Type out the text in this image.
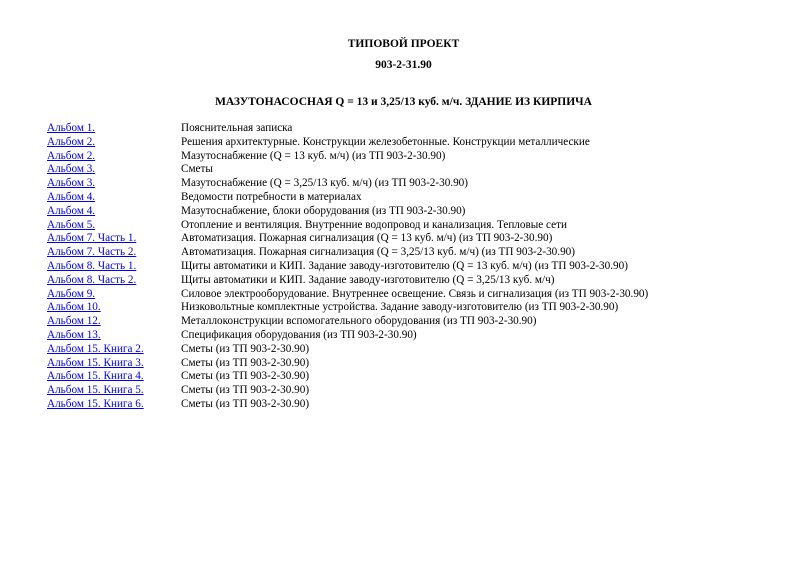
ТИПОВОЙ ПРОЕКТ
903-2-31.90
МАЗУТОНАСОСНАЯ Q = 13 и 3,25/13 куб. м/ч. ЗДАНИЕ ИЗ КИРПИЧА
Альбом 1.	Пояснительная записка
Альбом 2.	Решения архитектурные. Конструкции железобетонные. Конструкции металлические
Альбом 2.	Мазутоснабжение (Q = 13 куб. м/ч) (из ТП 903-2-30.90)
Альбом 3.	Сметы
Альбом 3.	Мазутоснабжение (Q = 3,25/13 куб. м/ч) (из ТП 903-2-30.90)
Альбом 4.	Ведомости потребности в материалах
Альбом 4.	Мазутоснабжение, блоки оборудования (из ТП 903-2-30.90)
Альбом 5.	Отопление и вентиляция. Внутренние водопровод и канализация. Тепловые сети
Альбом 7. Часть 1.	Автоматизация. Пожарная сигнализация (Q = 13 куб. м/ч) (из ТП 903-2-30.90)
Альбом 7. Часть 2.	Автоматизация. Пожарная сигнализация (Q = 3,25/13 куб. м/ч) (из ТП 903-2-30.90)
Альбом 8. Часть 1.	Щиты автоматики и КИП. Задание заводу-изготовителю (Q = 13 куб. м/ч) (из ТП 903-2-30.90)
Альбом 8. Часть 2.	Щиты автоматики и КИП. Задание заводу-изготовителю (Q = 3,25/13 куб. м/ч)
Альбом 9.	Силовое электрооборудование. Внутреннее освещение. Связь и сигнализация (из ТП 903-2-30.90)
Альбом 10.	Низковольтные комплектные устройства. Задание заводу-изготовителю (из ТП 903-2-30.90)
Альбом 12.	Металлоконструкции вспомогательного оборудования (из ТП 903-2-30.90)
Альбом 13.	Спецификация оборудования (из ТП 903-2-30.90)
Альбом 15. Книга 2.	Сметы (из ТП 903-2-30.90)
Альбом 15. Книга 3.	Сметы (из ТП 903-2-30.90)
Альбом 15. Книга 4.	Сметы (из ТП 903-2-30.90)
Альбом 15. Книга 5.	Сметы (из ТП 903-2-30.90)
Альбом 15. Книга 6.	Сметы (из ТП 903-2-30.90)
